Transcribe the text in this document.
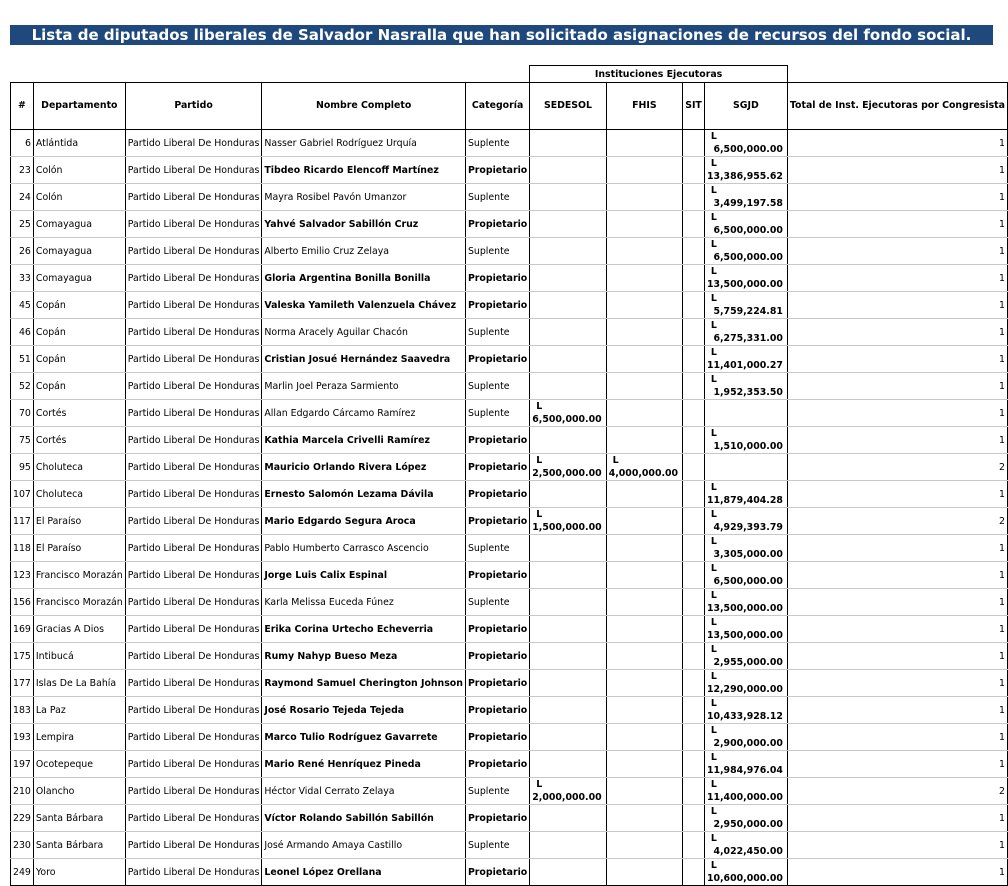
Lista de diputados liberales de Salvador Nasralla que han solicitado asignaciones de recursos del fondo social.
					Instituciones Ejecutoras				
#	Departamento	Partido	Nombre Completo	Categoría	SEDESOL	FHIS	SIT	SGJD	Total de Inst. Ejecutoras por Congresista
6	Atlántida	Partido Liberal De Honduras	Nasser Gabriel Rodríguez Urquía	Suplente				L
6,500,000.00	1
23	Colón	Partido Liberal De Honduras	Tibdeo Ricardo Elencoff Martínez	Propietario				L
13,386,955.62	1
24	Colón	Partido Liberal De Honduras	Mayra Rosibel Pavón Umanzor	Suplente				L
3,499,197.58	1
25	Comayagua	Partido Liberal De Honduras	Yahvé Salvador Sabillón Cruz	Propietario				L
6,500,000.00	1
26	Comayagua	Partido Liberal De Honduras	Alberto Emilio Cruz Zelaya	Suplente				L
6,500,000.00	1
33	Comayagua	Partido Liberal De Honduras	Gloria Argentina Bonilla Bonilla	Propietario				L
13,500,000.00	1
45	Copán	Partido Liberal De Honduras	Valeska Yamileth Valenzuela Chávez	Propietario				L
5,759,224.81	1
46	Copán	Partido Liberal De Honduras	Norma Aracely Aguilar Chacón	Suplente				L
6,275,331.00	1
51	Copán	Partido Liberal De Honduras	Cristian Josué Hernández Saavedra	Propietario				L
11,401,000.27	1
52	Copán	Partido Liberal De Honduras	Marlin Joel Peraza Sarmiento	Suplente				L
1,952,353.50	1
70	Cortés	Partido Liberal De Honduras	Allan Edgardo Cárcamo Ramírez	Suplente	L
6,500,000.00				1
75	Cortés	Partido Liberal De Honduras	Kathia Marcela Crivelli Ramírez	Propietario				L
1,510,000.00	1
95	Choluteca	Partido Liberal De Honduras	Mauricio Orlando Rivera López	Propietario	L
2,500,000.00	L
4,000,000.00			2
107	Choluteca	Partido Liberal De Honduras	Ernesto Salomón Lezama Dávila	Propietario				L
11,879,404.28	1
117	El Paraíso	Partido Liberal De Honduras	Mario Edgardo Segura Aroca	Propietario	L
1,500,000.00			L
4,929,393.79	2
118	El Paraíso	Partido Liberal De Honduras	Pablo Humberto Carrasco Ascencio	Suplente				L
3,305,000.00	1
123	Francisco Morazán	Partido Liberal De Honduras	Jorge Luis Calix Espinal	Propietario				L
6,500,000.00	1
156	Francisco Morazán	Partido Liberal De Honduras	Karla Melissa Euceda Fúnez	Suplente				L
13,500,000.00	1
169	Gracias A Dios	Partido Liberal De Honduras	Erika Corina Urtecho Echeverria	Propietario				L
13,500,000.00	1
175	Intibucá	Partido Liberal De Honduras	Rumy Nahyp Bueso Meza	Propietario				L
2,955,000.00	1
177	Islas De La Bahía	Partido Liberal De Honduras	Raymond Samuel Cherington Johnson	Propietario				L
12,290,000.00	1
183	La Paz	Partido Liberal De Honduras	José Rosario Tejeda Tejeda	Propietario				L
10,433,928.12	1
193	Lempira	Partido Liberal De Honduras	Marco Tulio Rodríguez Gavarrete	Propietario				L
2,900,000.00	1
197	Ocotepeque	Partido Liberal De Honduras	Mario René Henríquez Pineda	Propietario				L
11,984,976.04	1
210	Olancho	Partido Liberal De Honduras	Héctor Vidal Cerrato Zelaya	Suplente	L
2,000,000.00			L
11,400,000.00	2
229	Santa Bárbara	Partido Liberal De Honduras	Víctor Rolando Sabillón Sabillón	Propietario				L
2,950,000.00	1
230	Santa Bárbara	Partido Liberal De Honduras	José Armando Amaya Castillo	Suplente				L
4,022,450.00	1
249	Yoro	Partido Liberal De Honduras	Leonel López Orellana	Propietario				L
10,600,000.00	1
